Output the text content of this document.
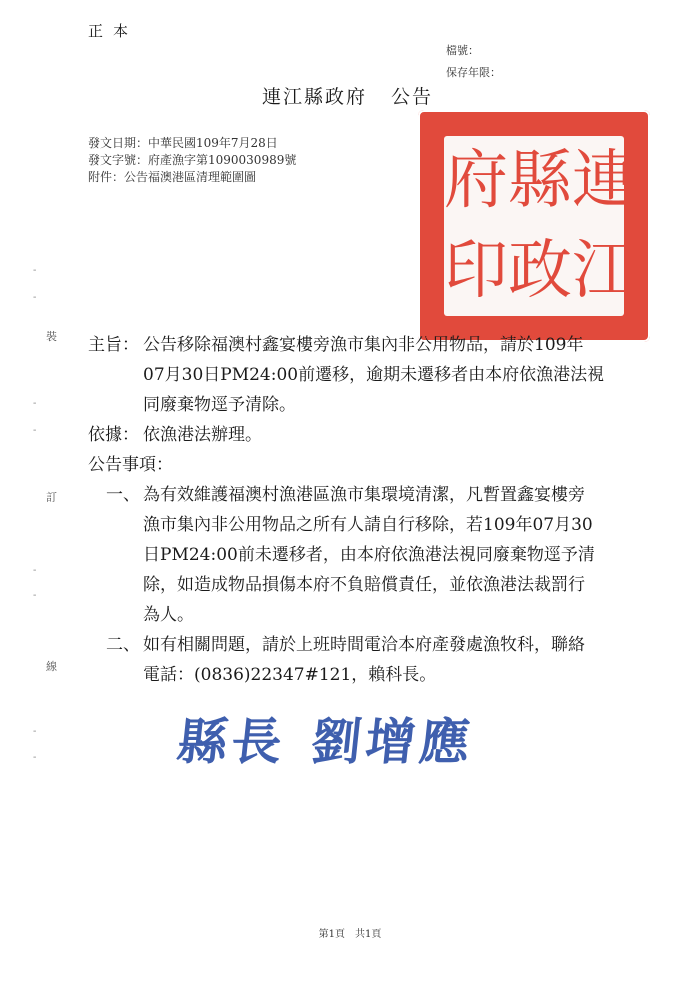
正本
檔號：
保存年限：
連江縣政府 公告
發文日期：中華民國109年7月28日
發文字號：府產漁字第1090030989號
附件：公告福澳港區清理範圍圖	連
縣
府
江
政
印
-
-
裝
-
-
訂
-
-
線
-
-
主旨： 公告移除福澳村鑫宴樓旁漁市集內非公用物品，請於109年
07月30日PM24:00前遷移，逾期未遷移者由本府依漁港法視
同廢棄物逕予清除。
依據： 依漁港法辦理。
公告事項：
一、 為有效維護福澳村漁港區漁市集環境清潔，凡暫置鑫宴樓旁
漁市集內非公用物品之所有人請自行移除，若109年07月30
日PM24:00前未遷移者，由本府依漁港法視同廢棄物逕予清
除，如造成物品損傷本府不負賠償責任，並依漁港法裁罰行
為人。
二、 如有相關問題，請於上班時間電洽本府產發處漁牧科，聯絡
電話：(0836)22347#121，賴科長。
縣長 劉增應
第1頁 共1頁
